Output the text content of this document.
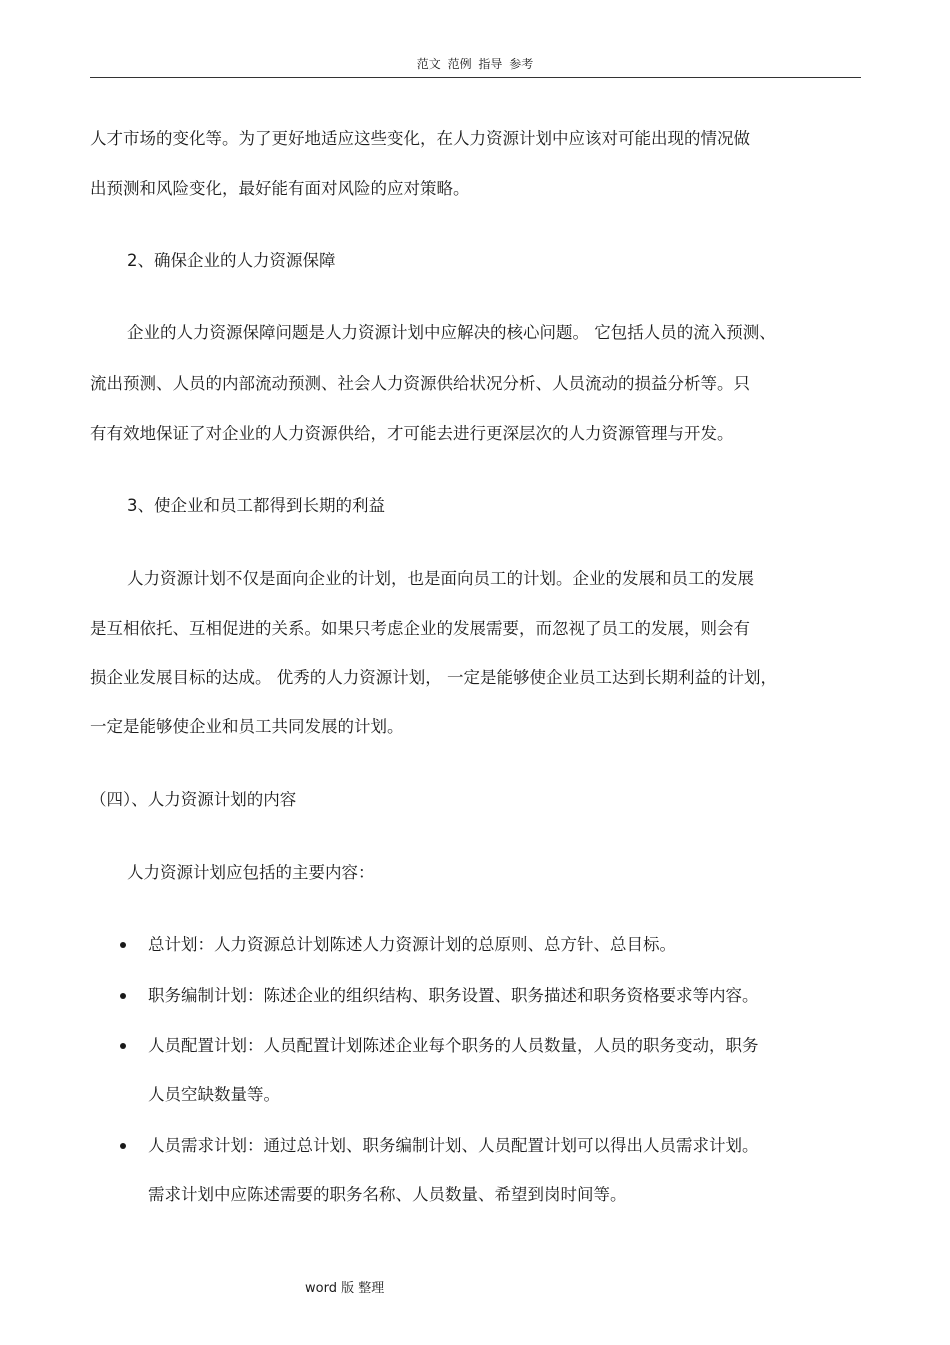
范文 范例 指导 参考
人才市场的变化等。为了更好地适应这些变化，在人力资源计划中应该对可能出现的情况做
出预测和风险变化，最好能有面对风险的应对策略。
2、确保企业的人力资源保障
企业的人力资源保障问题是人力资源计划中应解决的核心问题。 它包括人员的流入预测、
流出预测、人员的内部流动预测、社会人力资源供给状况分析、人员流动的损益分析等。只
有有效地保证了对企业的人力资源供给，才可能去进行更深层次的人力资源管理与开发。
3、使企业和员工都得到长期的利益
人力资源计划不仅是面向企业的计划，也是面向员工的计划。企业的发展和员工的发展
是互相依托、互相促进的关系。如果只考虑企业的发展需要，而忽视了员工的发展，则会有
损企业发展目标的达成。 优秀的人力资源计划， 一定是能够使企业员工达到长期利益的计划，
一定是能够使企业和员工共同发展的计划。
（四）、人力资源计划的内容
人力资源计划应包括的主要内容：
总计划：人力资源总计划陈述人力资源计划的总原则、总方针、总目标。
职务编制计划：陈述企业的组织结构、职务设置、职务描述和职务资格要求等内容。
人员配置计划：人员配置计划陈述企业每个职务的人员数量，人员的职务变动，职务
人员空缺数量等。
人员需求计划：通过总计划、职务编制计划、人员配置计划可以得出人员需求计划。
需求计划中应陈述需要的职务名称、人员数量、希望到岗时间等。
word 版 整理
